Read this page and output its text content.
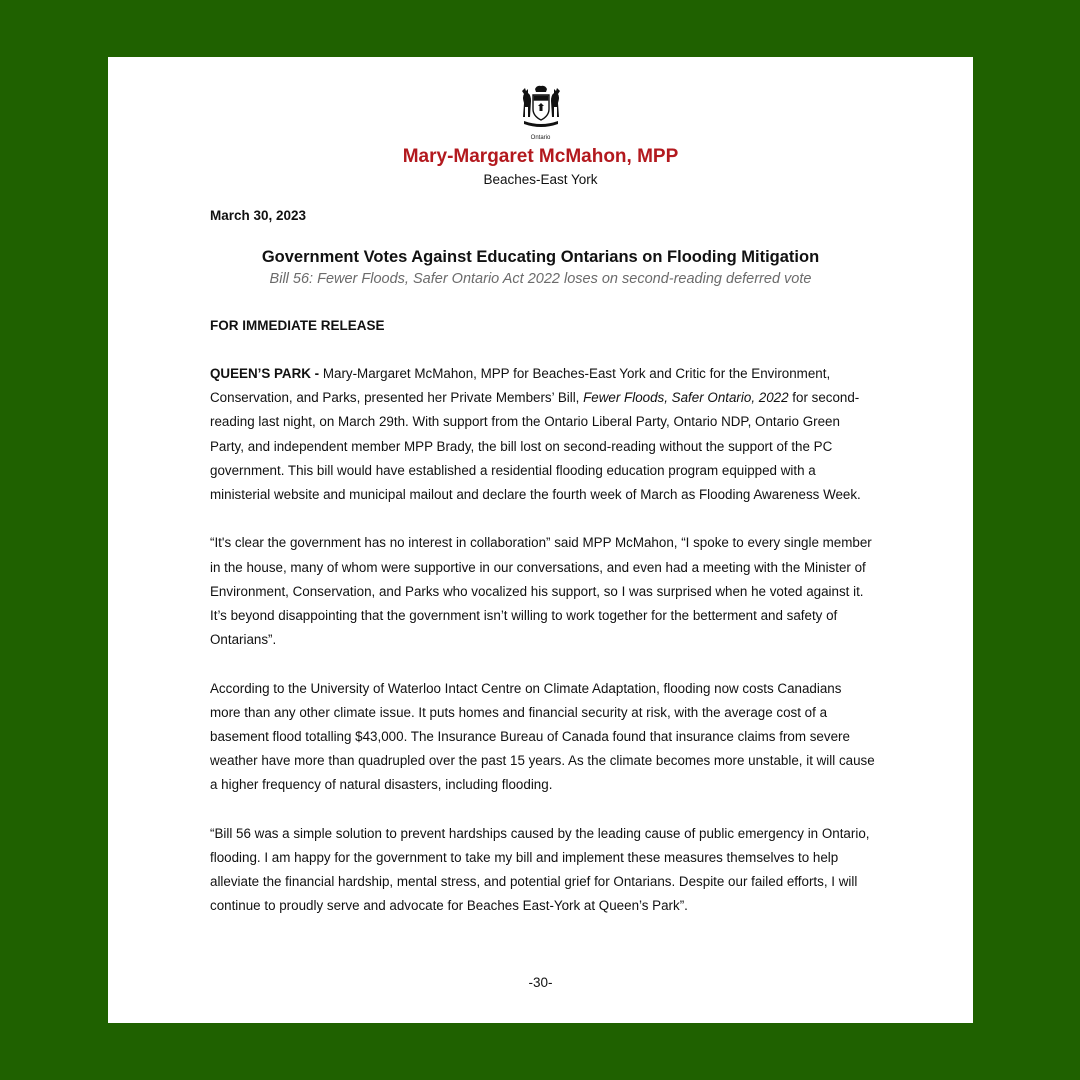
Ontario
Mary-Margaret McMahon, MPP
Beaches-East York
March 30, 2023
Government Votes Against Educating Ontarians on Flooding Mitigation
Bill 56: Fewer Floods, Safer Ontario Act 2022 loses on second-reading deferred vote
FOR IMMEDIATE RELEASE

QUEEN’S PARK - Mary-Margaret McMahon, MPP for Beaches-East York and Critic for the Environment, Conservation, and Parks, presented her Private Members’ Bill, Fewer Floods, Safer Ontario, 2022 for second-reading last night, on March 29th. With support from the Ontario Liberal Party, Ontario NDP, Ontario Green Party, and independent member MPP Brady, the bill lost on second-reading without the support of the PC government. This bill would have established a residential flooding education program equipped with a ministerial website and municipal mailout and declare the fourth week of March as Flooding Awareness Week.

“It's clear the government has no interest in collaboration” said MPP McMahon, “I spoke to every single member in the house, many of whom were supportive in our conversations, and even had a meeting with the Minister of Environment, Conservation, and Parks who vocalized his support, so I was surprised when he voted against it. It’s beyond disappointing that the government isn’t willing to work together for the betterment and safety of Ontarians”.

According to the University of Waterloo Intact Centre on Climate Adaptation, flooding now costs Canadians more than any other climate issue. It puts homes and financial security at risk, with the average cost of a basement flood totalling $43,000. The Insurance Bureau of Canada found that insurance claims from severe weather have more than quadrupled over the past 15 years. As the climate becomes more unstable, it will cause a higher frequency of natural disasters, including flooding.

“Bill 56 was a simple solution to prevent hardships caused by the leading cause of public emergency in Ontario, flooding. I am happy for the government to take my bill and implement these measures themselves to help alleviate the financial hardship, mental stress, and potential grief for Ontarians. Despite our failed efforts, I will continue to proudly serve and advocate for Beaches East-York at Queen’s Park”.

-30-
